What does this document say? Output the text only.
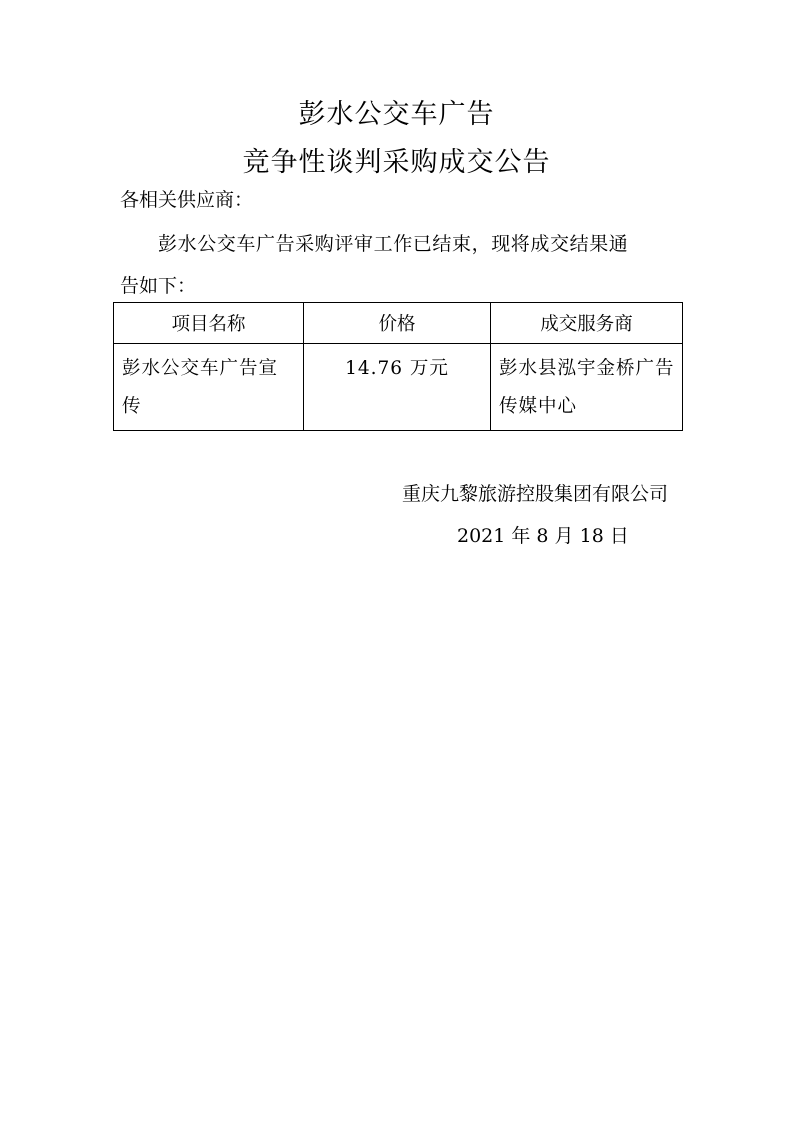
彭水公交车广告
竞争性谈判采购成交公告
各相关供应商：
彭水公交车广告采购评审工作已结束，现将成交结果通
告如下：
项目名称	价格	成交服务商

彭水公交车广告宣传	14.76 万元	彭水县泓宇金桥广告传媒中心
重庆九黎旅游控股集团有限公司
2021 年 8 月 18 日
